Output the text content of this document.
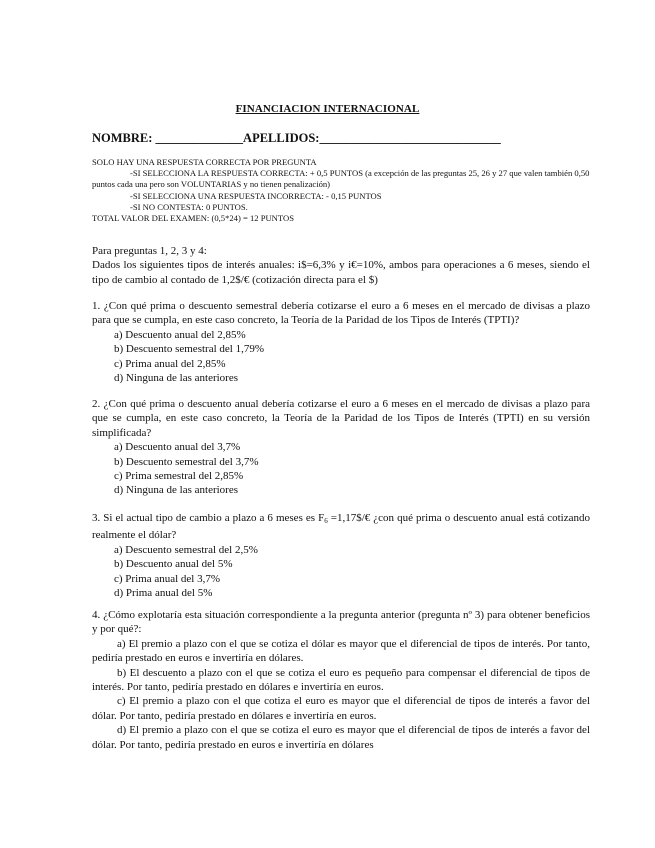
FINANCIACION INTERNACIONAL
NOMBRE: ______________APELLIDOS:_____________________________

SOLO HAY UNA RESPUESTA CORRECTA POR PREGUNTA

-SI SELECCIONA LA RESPUESTA CORRECTA: + 0,5 PUNTOS (a excepción de las preguntas 25, 26 y 27 que valen también 0,50 puntos cada una pero son VOLUNTARIAS y no tienen penalización)

-SI SELECCIONA UNA RESPUESTA INCORRECTA: - 0,15 PUNTOS

-SI NO CONTESTA: 0 PUNTOS.

TOTAL VALOR DEL EXAMEN: (0,5*24) = 12 PUNTOS

Para preguntas 1, 2, 3 y 4:

Dados los siguientes tipos de interés anuales: i$=6,3% y i€=10%, ambos para operaciones a 6 meses, siendo el tipo de cambio al contado de 1,2$/€ (cotización directa para el $)

1. ¿Con qué prima o descuento semestral debería cotizarse el euro a 6 meses en el mercado de divisas a plazo para que se cumpla, en este caso concreto, la Teoría de la Paridad de los Tipos de Interés (TPTI)?

a) Descuento anual del 2,85%
b) Descuento semestral del 1,79%
c) Prima anual del 2,85%
d) Ninguna de las anteriores

2. ¿Con qué prima o descuento anual debería cotizarse el euro a 6 meses en el mercado de divisas a plazo para que se cumpla, en este caso concreto, la Teoría de la Paridad de los Tipos de Interés (TPTI) en su versión simplificada?

a) Descuento anual del 3,7%
b) Descuento semestral del 3,7%
c) Prima semestral del 2,85%
d) Ninguna de las anteriores

3. Si el actual tipo de cambio a plazo a 6 meses es $F_6$ =1,17$/€ ¿con qué prima o descuento anual está cotizando realmente el dólar?

a) Descuento semestral del 2,5%
b) Descuento anual del 5%
c) Prima anual del 3,7%
d) Prima anual del 5%

4. ¿Cómo explotaría esta situación correspondiente a la pregunta anterior (pregunta nº 3) para obtener beneficios y por qué?:

a) El premio a plazo con el que se cotiza el dólar es mayor que el diferencial de tipos de interés. Por tanto, pediría prestado en euros e invertiría en dólares.

b) El descuento a plazo con el que se cotiza el euro es pequeño para compensar el diferencial de tipos de interés. Por tanto, pediría prestado en dólares e invertiría en euros.

c) El premio a plazo con el que cotiza el euro es mayor que el diferencial de tipos de interés a favor del dólar. Por tanto, pediría prestado en dólares e invertiría en euros.

d) El premio a plazo con el que se cotiza el euro es mayor que el diferencial de tipos de interés a favor del dólar. Por tanto, pediría prestado en euros e invertiría en dólares
